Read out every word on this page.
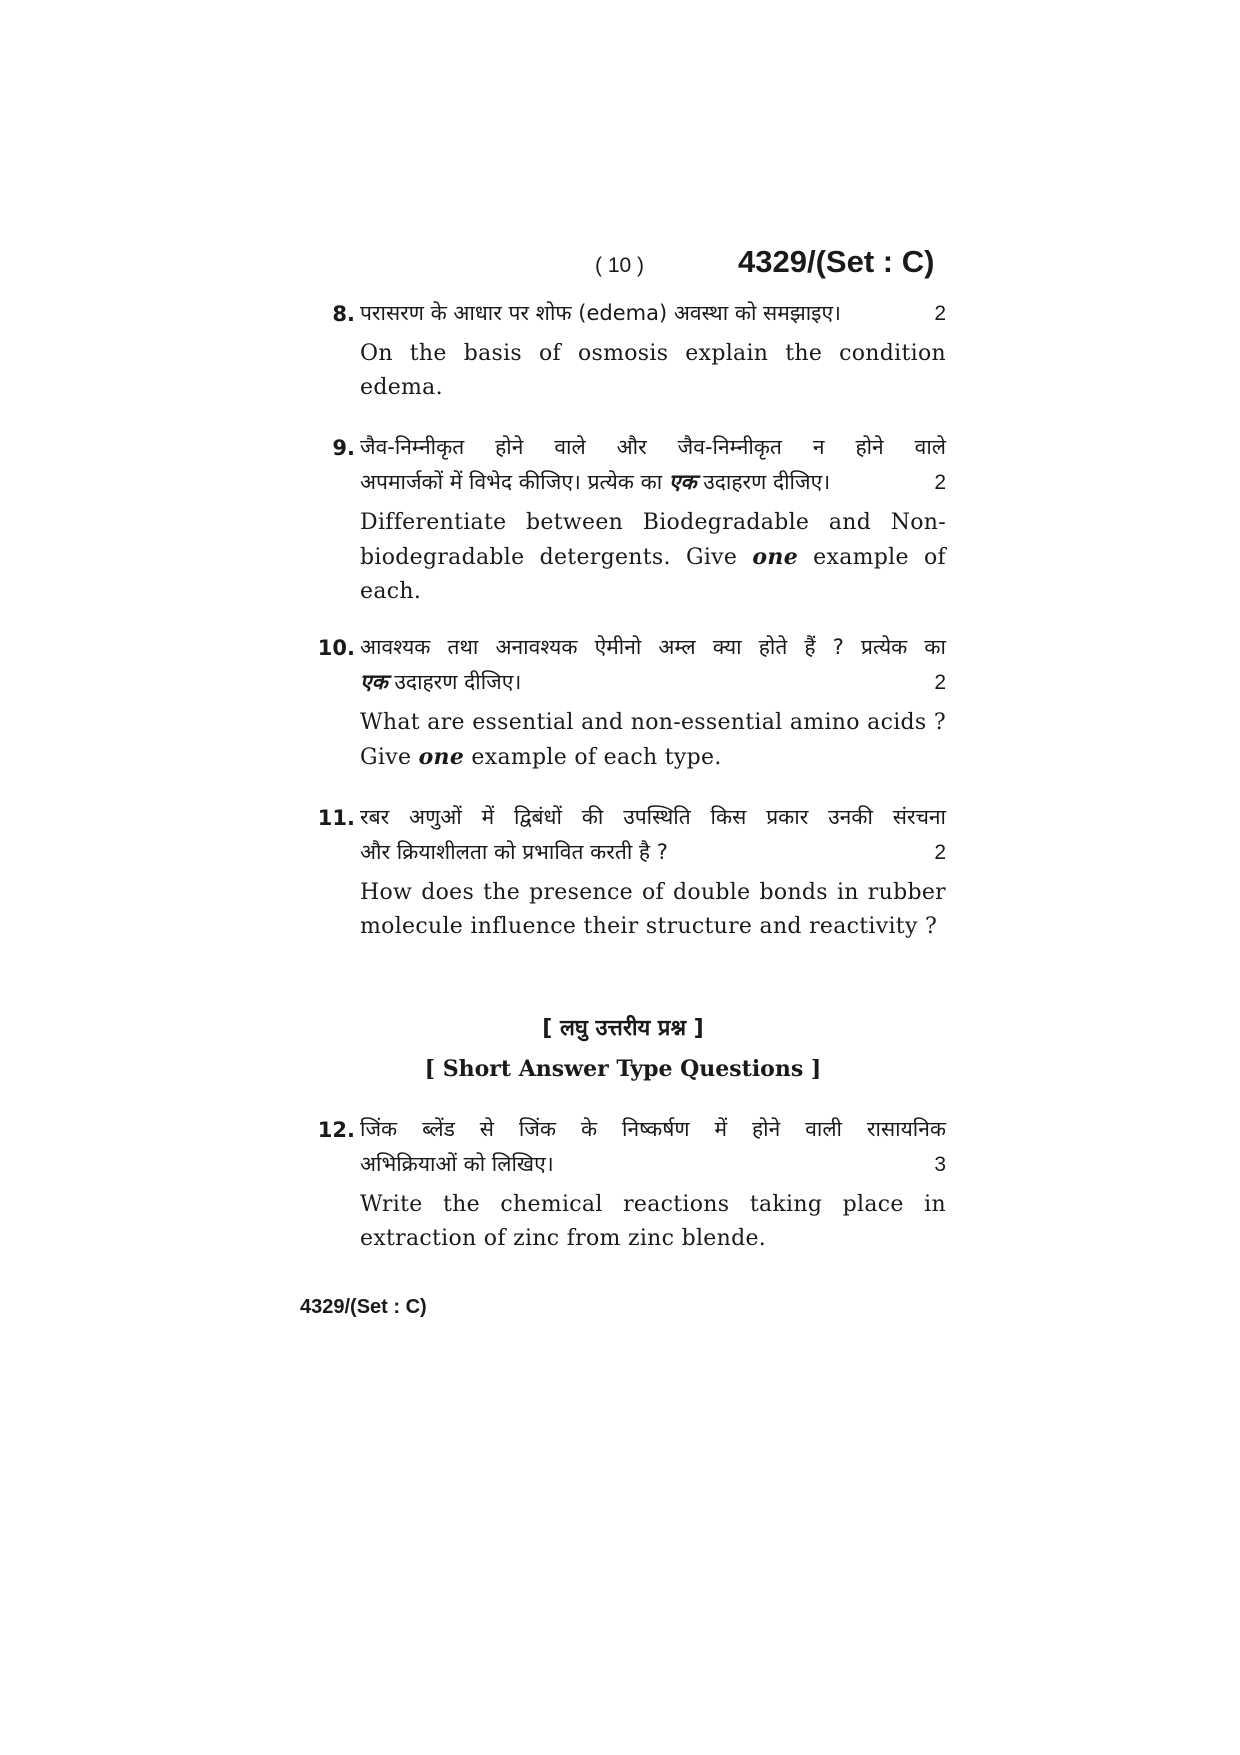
( 10 )	4329/(Set : C)
8. परासरण के आधार पर शोफ (edema) अवस्था को समझाइए।	2
On the basis of osmosis explain the condition edema.
9. जैव-निम्नीकृत होने वाले और जैव-निम्नीकृत न होने वाले
अपमार्जकों में विभेद कीजिए। प्रत्येक का एक उदाहरण दीजिए।	2
Differentiate between Biodegradable and Non-biodegradable detergents. Give one example of each.
10. आवश्यक तथा अनावश्यक ऐमीनो अम्ल क्या होते हैं ? प्रत्येक का
एक उदाहरण दीजिए।	2
What are essential and non-essential amino acids ? Give one example of each type.
11. रबर अणुओं में द्विबंधों की उपस्थिति किस प्रकार उनकी संरचना
और क्रियाशीलता को प्रभावित करती है ?	2
How does the presence of double bonds in rubber molecule influence their structure and reactivity ?
[ लघु उत्तरीय प्रश्न ]
[ Short Answer Type Questions ]
12. जिंक ब्लेंड से जिंक के निष्कर्षण में होने वाली रासायनिक
अभिक्रियाओं को लिखिए।	3
Write the chemical reactions taking place in extraction of zinc from zinc blende.
4329/(Set : C)
